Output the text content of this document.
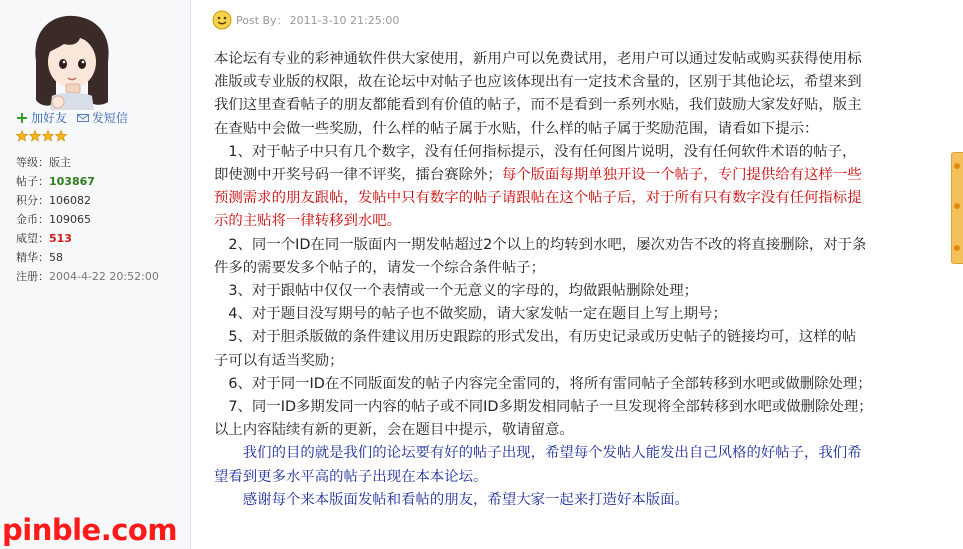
加好友
发短信
等级：版主
帖子：103867
积分：106082
金币：109065
威望：513
精华：58
注册：2004-4-22 20:52:00
pinble.com
Post By： 2011-3-10 21:25:00

本论坛有专业的彩神通软件供大家使用，新用户可以免费试用，老用户可以通过发帖或购买获得使用标

准版或专业版的权限，故在论坛中对帖子也应该体现出有一定技术含量的，区别于其他论坛，希望来到

我们这里查看帖子的朋友都能看到有价值的帖子，而不是看到一系列水贴，我们鼓励大家发好贴，版主

在查贴中会做一些奖励，什么样的帖子属于水贴，什么样的帖子属于奖励范围，请看如下提示：

　1、对于帖子中只有几个数字，没有任何指标提示，没有任何图片说明，没有任何软件术语的帖子，

即使测中开奖号码一律不评奖，擂台赛除外；每个版面每期单独开设一个帖子，专门提供给有这样一些

预测需求的朋友跟帖，发帖中只有数字的帖子请跟帖在这个帖子后，对于所有只有数字没有任何指标提

示的主贴将一律转移到水吧。

　2、同一个ID在同一版面内一期发帖超过2个以上的均转到水吧，屡次劝告不改的将直接删除，对于条

件多的需要发多个帖子的，请发一个综合条件帖子；

　3、对于跟帖中仅仅一个表情或一个无意义的字母的，均做跟帖删除处理；

　4、对于题目没写期号的帖子也不做奖励，请大家发帖一定在题目上写上期号；

　5、对于胆杀版做的条件建议用历史跟踪的形式发出，有历史记录或历史帖子的链接均可，这样的帖

子可以有适当奖励；

　6、对于同一ID在不同版面发的帖子内容完全雷同的，将所有雷同帖子全部转移到水吧或做删除处理；

　7、同一ID多期发同一内容的帖子或不同ID多期发相同帖子一旦发现将全部转移到水吧或做删除处理；

以上内容陆续有新的更新，会在题目中提示，敬请留意。

　　我们的目的就是我们的论坛要有好的帖子出现，希望每个发帖人能发出自己风格的好帖子，我们希

望看到更多水平高的帖子出现在本本论坛。

　　感谢每个来本版面发帖和看帖的朋友，希望大家一起来打造好本版面。
